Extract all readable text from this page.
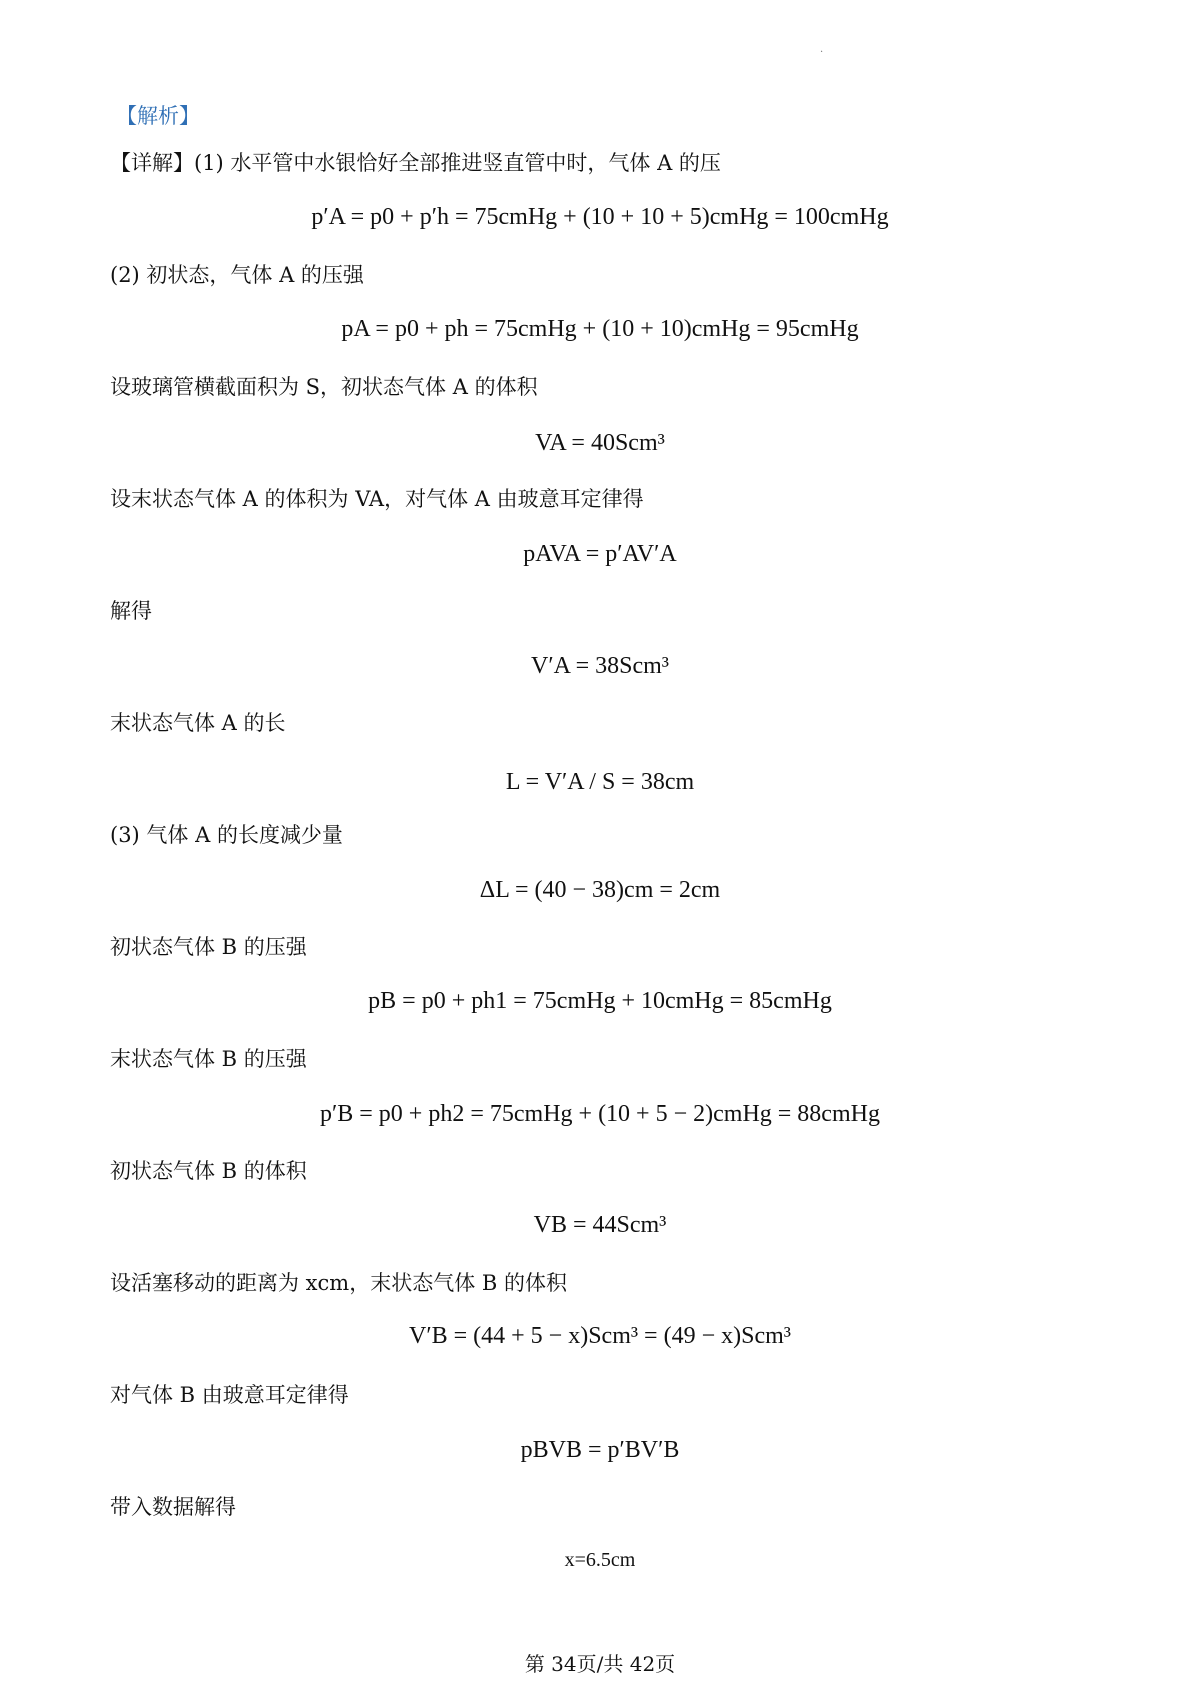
.
【解析】
【详解】(1) 水平管中水银恰好全部推进竖直管中时，气体 A 的压
p′A = p0 + p′h = 75cmHg + (10 + 10 + 5)cmHg = 100cmHg
(2) 初状态，气体 A 的压强
pA = p0 + ph = 75cmHg + (10 + 10)cmHg = 95cmHg
设玻璃管横截面积为 S，初状态气体 A 的体积
VA = 40Scm³
设末状态气体 A 的体积为 VA，对气体 A 由玻意耳定律得
pAVA = p′AV′A
解得
V′A = 38Scm³
末状态气体 A 的长
L = V′A / S = 38cm
(3) 气体 A 的长度减少量
ΔL = (40 − 38)cm = 2cm
初状态气体 B 的压强
pB = p0 + ph1 = 75cmHg + 10cmHg = 85cmHg
末状态气体 B 的压强
p′B = p0 + ph2 = 75cmHg + (10 + 5 − 2)cmHg = 88cmHg
初状态气体 B 的体积
VB = 44Scm³
设活塞移动的距离为 xcm，末状态气体 B 的体积
V′B = (44 + 5 − x)Scm³ = (49 − x)Scm³
对气体 B 由玻意耳定律得
pBVB = p′BV′B
带入数据解得
x=6.5cm
第 34页/共 42页
